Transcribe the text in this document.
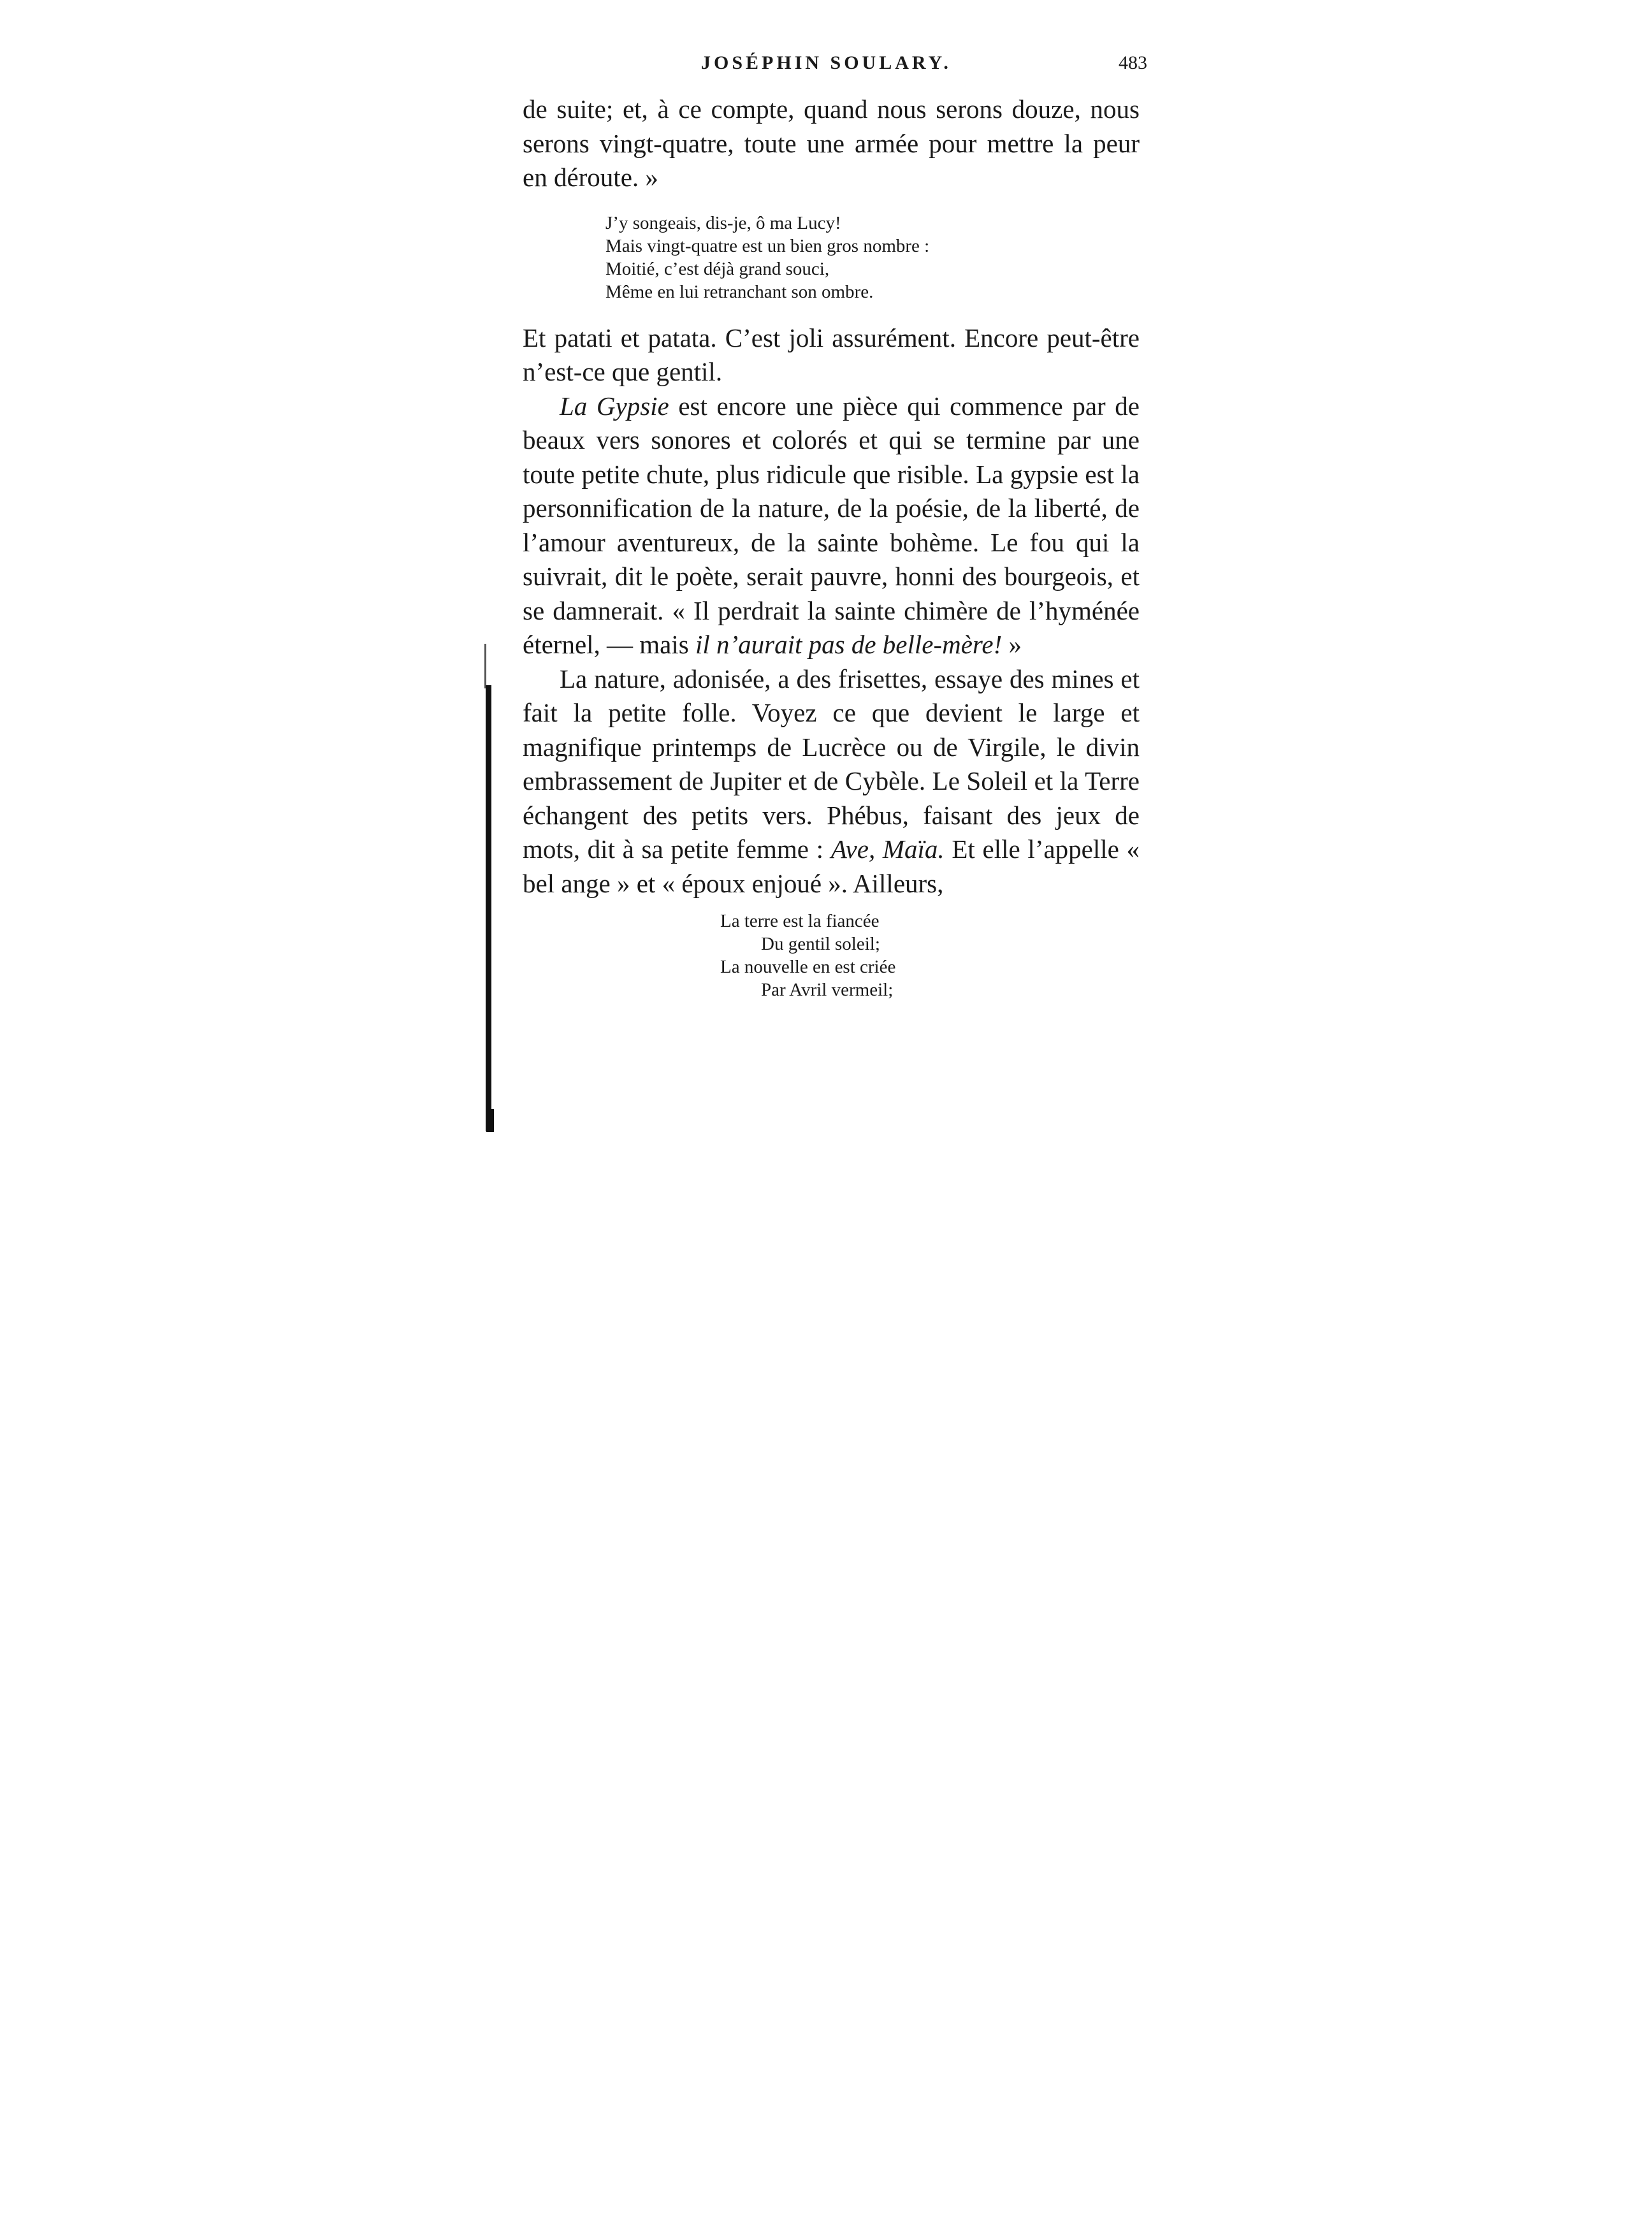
JOSÉPHIN SOULARY.	483

de suite; et, à ce compte, quand nous serons douze, nous serons vingt-quatre, toute une armée pour mettre la peur en déroute. »

J’y songeais, dis-je, ô ma Lucy!
Mais vingt-quatre est un bien gros nombre :
Moitié, c’est déjà grand souci,
Même en lui retranchant son ombre.

Et patati et patata. C’est joli assurément. Encore peut-être n’est-ce que gentil.

La Gypsie est encore une pièce qui commence par de beaux vers sonores et colorés et qui se termine par une toute petite chute, plus ridicule que risible. La gypsie est la personnification de la nature, de la poésie, de la liberté, de l’amour aventureux, de la sainte bohème. Le fou qui la suivrait, dit le poète, serait pauvre, honni des bourgeois, et se damnerait. « Il perdrait la sainte chimère de l’hyménée éternel, — mais il n’aurait pas de belle-mère! »

La nature, adonisée, a des frisettes, essaye des mines et fait la petite folle. Voyez ce que devient le large et magnifique printemps de Lucrèce ou de Virgile, le divin embrassement de Jupiter et de Cybèle. Le Soleil et la Terre échangent des petits vers. Phébus, faisant des jeux de mots, dit à sa petite femme : Ave, Maïa. Et elle l’appelle « bel ange » et « époux enjoué ». Ailleurs,

La terre est la fiancée
Du gentil soleil;
La nouvelle en est criée
Par Avril vermeil;
